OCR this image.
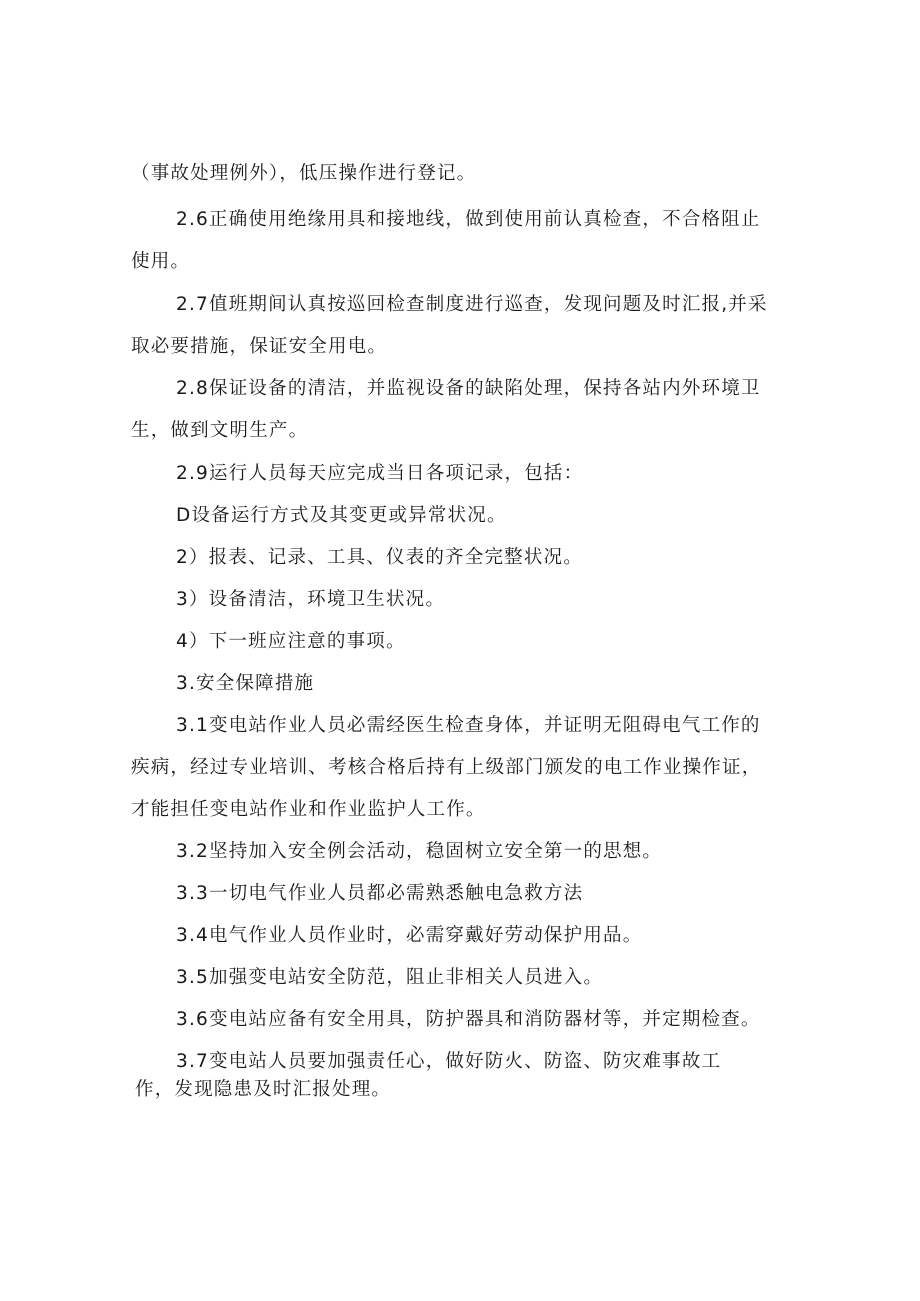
（事故处理例外），低压操作进行登记。
2.6正确使用绝缘用具和接地线，做到使用前认真检查，不合格阻止
使用。
2.7值班期间认真按巡回检查制度进行巡查，发现问题及时汇报,并采
取必要措施，保证安全用电。
2.8保证设备的清洁，并监视设备的缺陷处理，保持各站内外环境卫
生，做到文明生产。
2.9运行人员每天应完成当日各项记录，包括：
D设备运行方式及其变更或异常状况。
2）报表、记录、工具、仪表的齐全完整状况。
3）设备清洁，环境卫生状况。
4）下一班应注意的事项。
3.安全保障措施
3.1变电站作业人员必需经医生检查身体，并证明无阻碍电气工作的
疾病，经过专业培训、考核合格后持有上级部门颁发的电工作业操作证，
才能担任变电站作业和作业监护人工作。
3.2坚持加入安全例会活动，稳固树立安全第一的思想。
3.3一切电气作业人员都必需熟悉触电急救方法
3.4电气作业人员作业时，必需穿戴好劳动保护用品。
3.5加强变电站安全防范，阻止非相关人员进入。
3.6变电站应备有安全用具，防护器具和消防器材等，并定期检查。
3.7变电站人员要加强责任心，做好防火、防盗、防灾难事故工
作，发现隐患及时汇报处理。
